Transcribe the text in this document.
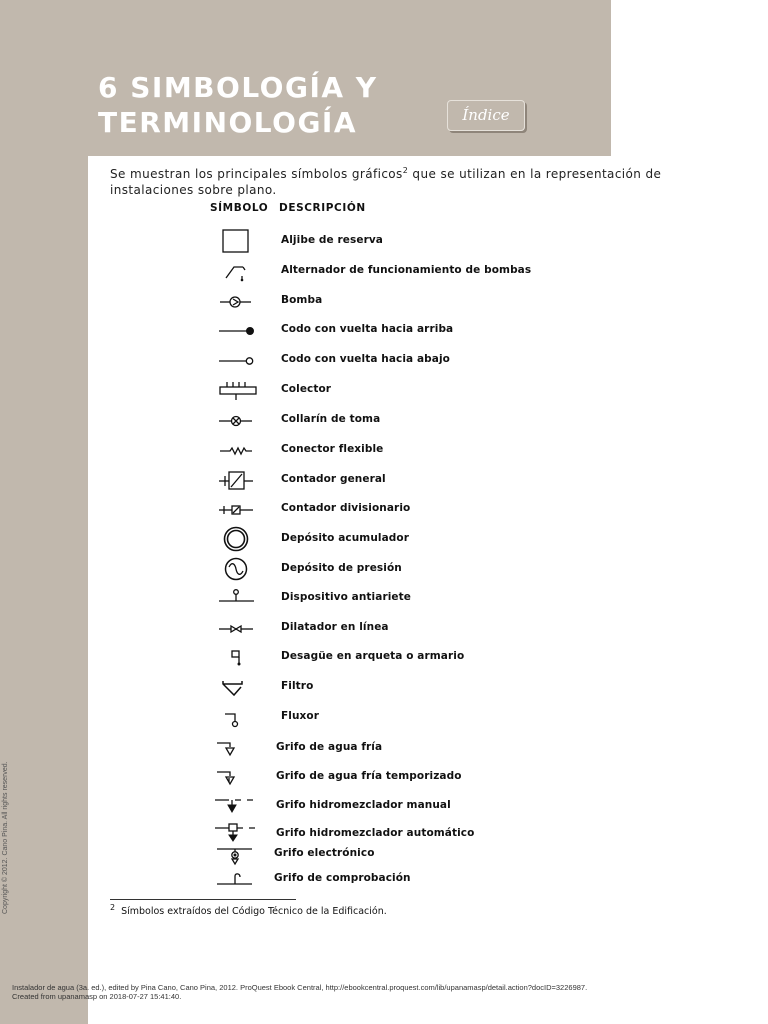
6 SIMBOLOGÍA Y
TERMINOLOGÍA	Índice

Se muestran los principales símbolos gráficos$^2$ que se utilizan en la representación de instalaciones sobre plano.

SÍMBOLO DESCRIPCIÓN
Aljibe de reserva
Alternador de funcionamiento de bombas
Bomba
Codo con vuelta hacia arriba
Codo con vuelta hacia abajo
Colector
Collarín de toma
Conector flexible
Contador general
Contador divisionario
Depósito acumulador
Depósito de presión
Dispositivo antiariete
Dilatador en línea
Desagüe en arqueta o armario
Filtro
Fluxor
Grifo de agua fría
Grifo de agua fría temporizado
Grifo hidromezclador manual
Grifo hidromezclador automático
Grifo electrónico
Grifo de comprobación
$^2$ Símbolos extraídos del Código Técnico de la Edificación.
Copyright © 2012. Cano Pina. All rights reserved.
Instalador de agua (3a. ed.), edited by Pina Cano, Cano Pina, 2012. ProQuest Ebook Central, http://ebookcentral.proquest.com/lib/upanamasp/detail.action?docID=3226987.
Created from upanamasp on 2018-07-27 15:41:40.
